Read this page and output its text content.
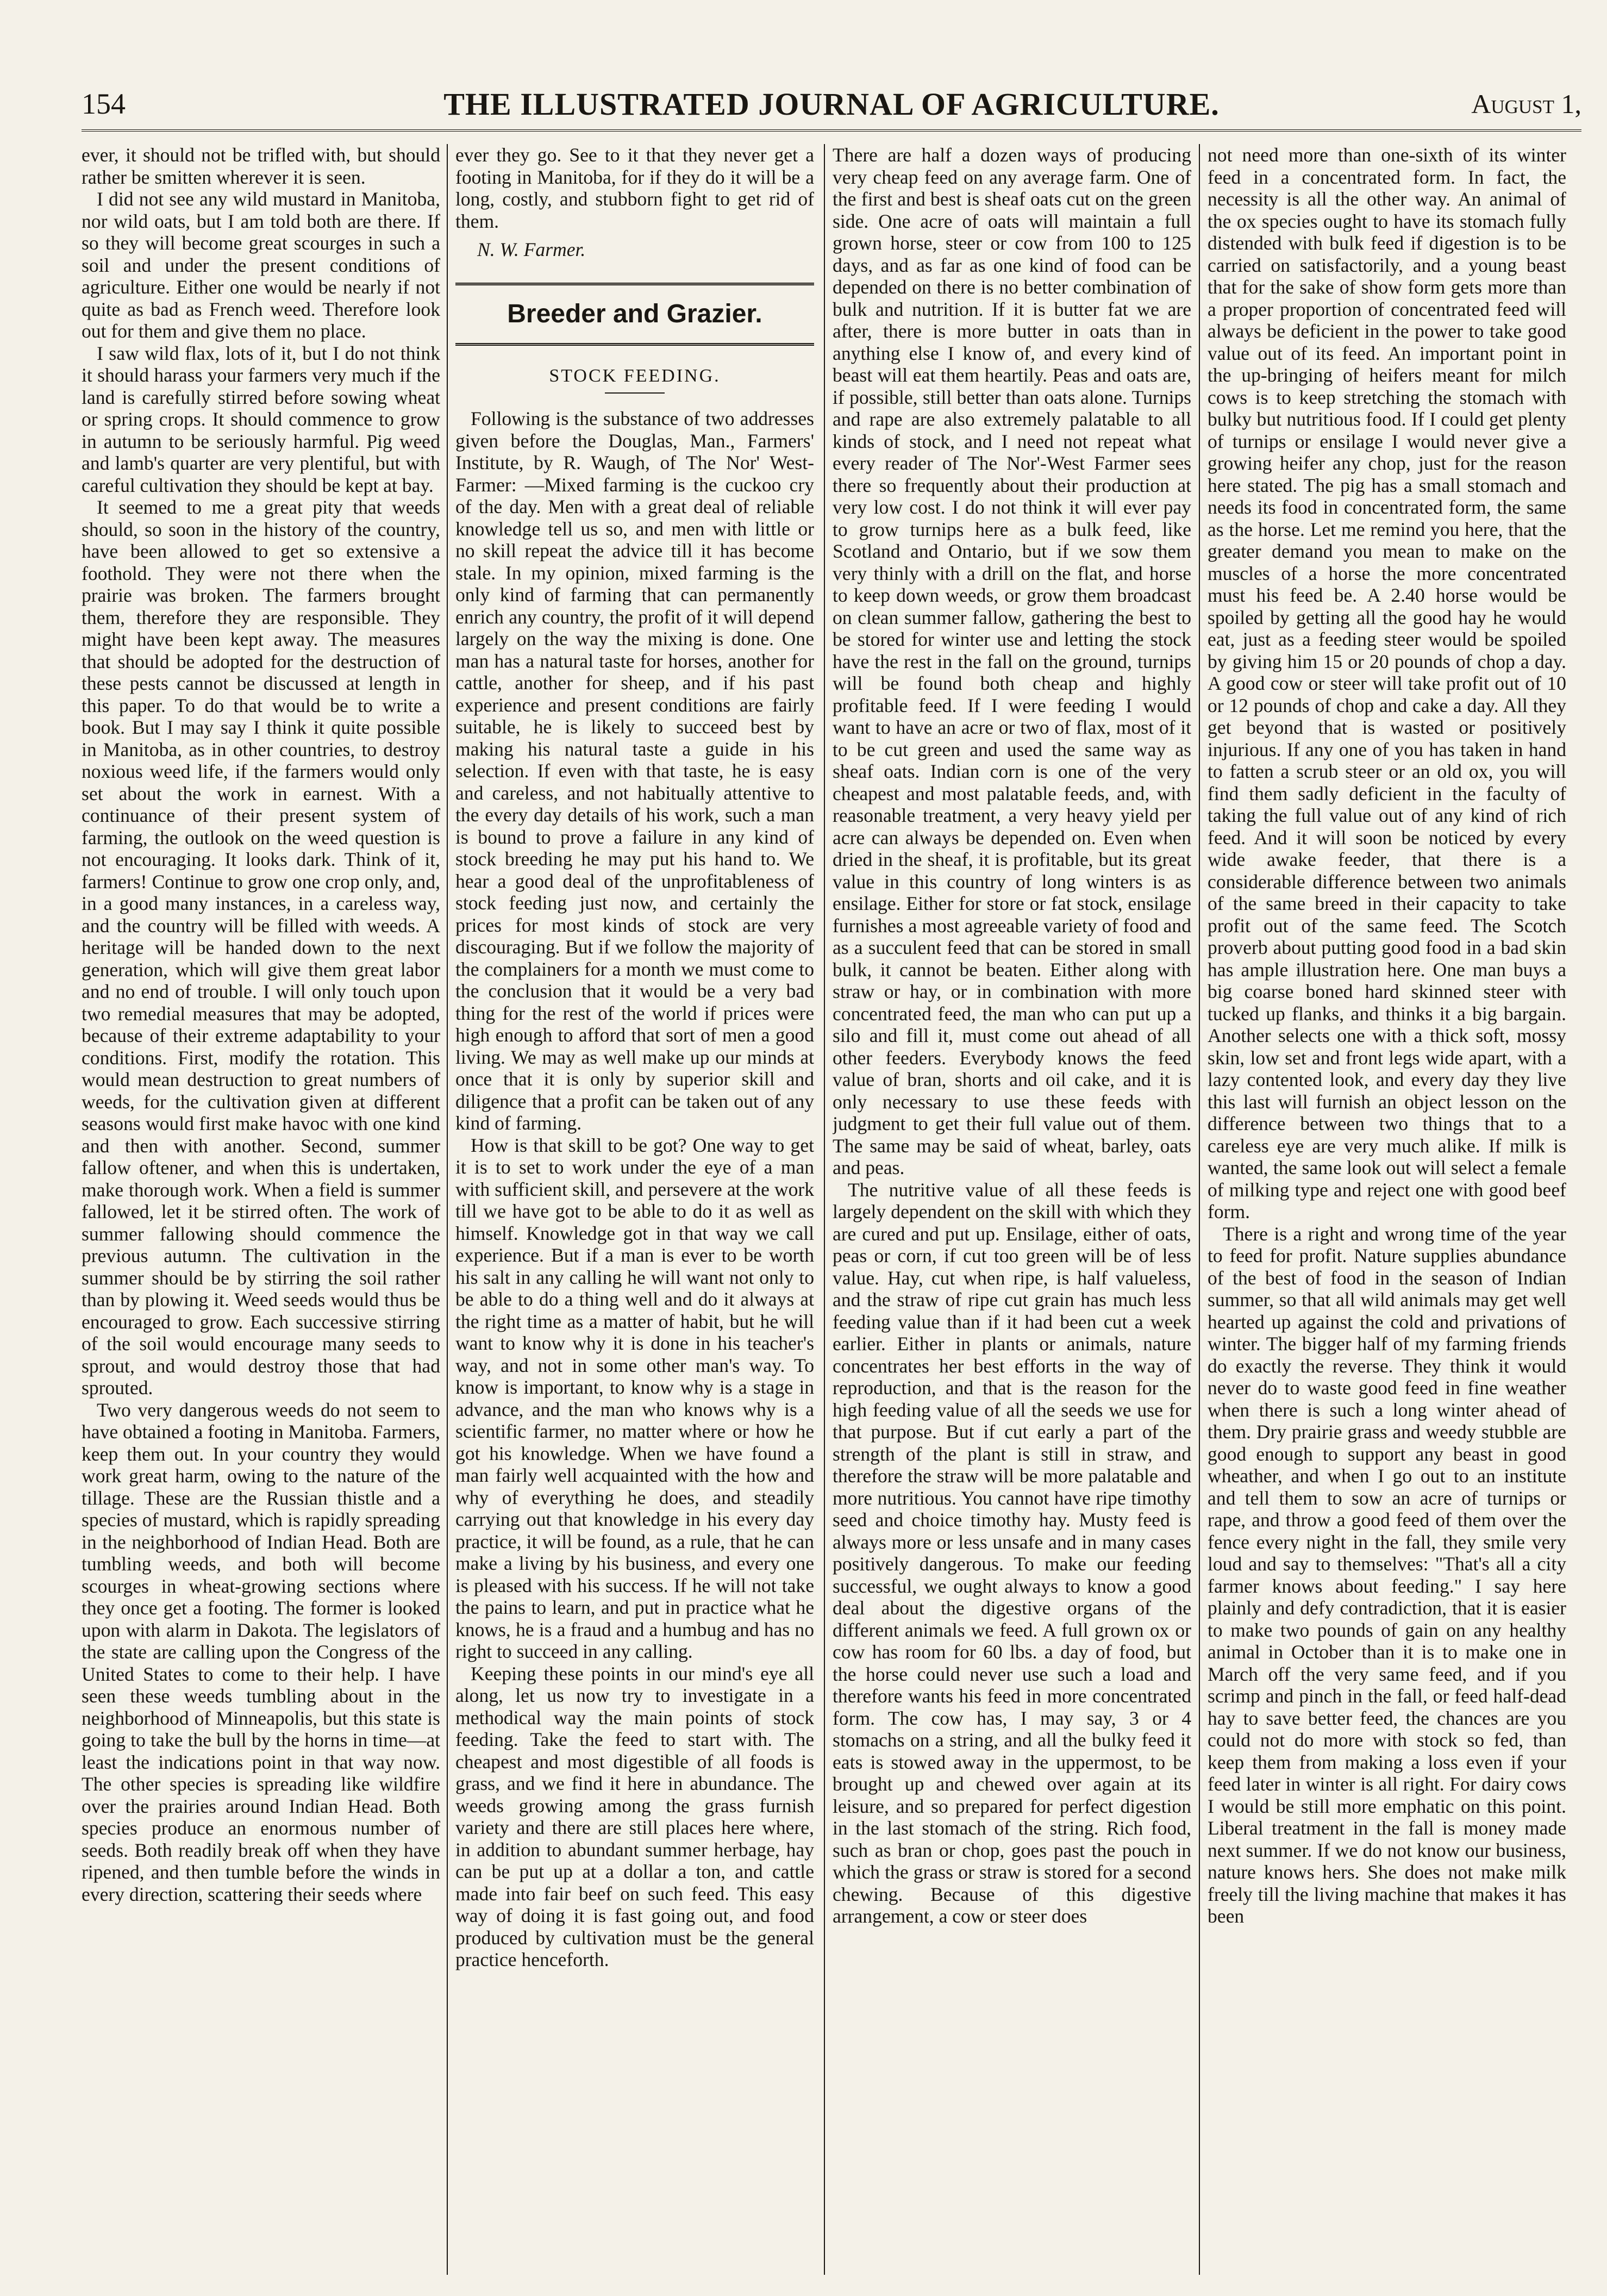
154	THE ILLUSTRATED JOURNAL OF AGRICULTURE.	August 1,

ever, it should not be trifled with, but should rather be smitten wherever it is seen.

I did not see any wild mustard in Manitoba, nor wild oats, but I am told both are there. If so they will become great scourges in such a soil and under the present conditions of agriculture. Either one would be nearly if not quite as bad as French weed. Therefore look out for them and give them no place.

I saw wild flax, lots of it, but I do not think it should harass your farmers very much if the land is carefully stirred before sowing wheat or spring crops. It should commence to grow in autumn to be seriously harmful. Pig weed and lamb's quarter are very plentiful, but with careful cultivation they should be kept at bay.

It seemed to me a great pity that weeds should, so soon in the history of the country, have been allowed to get so extensive a foothold. They were not there when the prairie was broken. The farmers brought them, therefore they are responsible. They might have been kept away. The measures that should be adopted for the destruction of these pests cannot be discussed at length in this paper. To do that would be to write a book. But I may say I think it quite possible in Manitoba, as in other countries, to destroy noxious weed life, if the farmers would only set about the work in earnest. With a continuance of their present system of farming, the outlook on the weed question is not encouraging. It looks dark. Think of it, farmers! Continue to grow one crop only, and, in a good many instances, in a careless way, and the country will be filled with weeds. A heritage will be handed down to the next generation, which will give them great labor and no end of trouble. I will only touch upon two remedial measures that may be adopted, because of their extreme adaptability to your conditions. First, modify the rotation. This would mean destruction to great numbers of weeds, for the cultivation given at different seasons would first make havoc with one kind and then with another. Second, summer fallow oftener, and when this is undertaken, make thorough work. When a field is summer fallowed, let it be stirred often. The work of summer fallowing should commence the previous autumn. The cultivation in the summer should be by stirring the soil rather than by plowing it. Weed seeds would thus be encouraged to grow. Each successive stirring of the soil would encourage many seeds to sprout, and would destroy those that had sprouted.

Two very dangerous weeds do not seem to have obtained a footing in Manitoba. Farmers, keep them out. In your country they would work great harm, owing to the nature of the tillage. These are the Russian thistle and a species of mustard, which is rapidly spreading in the neighborhood of Indian Head. Both are tumbling weeds, and both will become scourges in wheat-growing sections where they once get a footing. The former is looked upon with alarm in Dakota. The legislators of the state are calling upon the Congress of the United States to come to their help. I have seen these weeds tumbling about in the neighborhood of Minneapolis, but this state is going to take the bull by the horns in time—at least the indications point in that way now. The other species is spreading like wildfire over the prairies around Indian Head. Both species produce an enormous number of seeds. Both readily break off when they have ripened, and then tumble before the winds in every direction, scattering their seeds where

ever they go. See to it that they never get a footing in Manitoba, for if they do it will be a long, costly, and stubborn fight to get rid of them.

N. W. Farmer.

Breeder and Grazier.
STOCK FEEDING.

Following is the substance of two addresses given before the Douglas, Man., Farmers' Institute, by R. Waugh, of The Nor' West-Farmer: —Mixed farming is the cuckoo cry of the day. Men with a great deal of reliable knowledge tell us so, and men with little or no skill repeat the advice till it has become stale. In my opinion, mixed farming is the only kind of farming that can permanently enrich any country, the profit of it will depend largely on the way the mixing is done. One man has a natural taste for horses, another for cattle, another for sheep, and if his past experience and present conditions are fairly suitable, he is likely to succeed best by making his natural taste a guide in his selection. If even with that taste, he is easy and careless, and not habitually attentive to the every day details of his work, such a man is bound to prove a failure in any kind of stock breeding he may put his hand to. We hear a good deal of the unprofitableness of stock feeding just now, and certainly the prices for most kinds of stock are very discouraging. But if we follow the majority of the complainers for a month we must come to the conclusion that it would be a very bad thing for the rest of the world if prices were high enough to afford that sort of men a good living. We may as well make up our minds at once that it is only by superior skill and diligence that a profit can be taken out of any kind of farming.

How is that skill to be got? One way to get it is to set to work under the eye of a man with sufficient skill, and persevere at the work till we have got to be able to do it as well as himself. Knowledge got in that way we call experience. But if a man is ever to be worth his salt in any calling he will want not only to be able to do a thing well and do it always at the right time as a matter of habit, but he will want to know why it is done in his teacher's way, and not in some other man's way. To know is important, to know why is a stage in advance, and the man who knows why is a scientific farmer, no matter where or how he got his knowledge. When we have found a man fairly well acquainted with the how and why of everything he does, and steadily carrying out that knowledge in his every day practice, it will be found, as a rule, that he can make a living by his business, and every one is pleased with his success. If he will not take the pains to learn, and put in practice what he knows, he is a fraud and a humbug and has no right to succeed in any calling.

Keeping these points in our mind's eye all along, let us now try to investigate in a methodical way the main points of stock feeding. Take the feed to start with. The cheapest and most digestible of all foods is grass, and we find it here in abundance. The weeds growing among the grass furnish variety and there are still places here where, in addition to abundant summer herbage, hay can be put up at a dollar a ton, and cattle made into fair beef on such feed. This easy way of doing it is fast going out, and food produced by cultivation must be the general practice henceforth.

There are half a dozen ways of producing very cheap feed on any average farm. One of the first and best is sheaf oats cut on the green side. One acre of oats will maintain a full grown horse, steer or cow from 100 to 125 days, and as far as one kind of food can be depended on there is no better combination of bulk and nutrition. If it is butter fat we are after, there is more butter in oats than in anything else I know of, and every kind of beast will eat them heartily. Peas and oats are, if possible, still better than oats alone. Turnips and rape are also extremely palatable to all kinds of stock, and I need not repeat what every reader of The Nor'-West Farmer sees there so frequently about their production at very low cost. I do not think it will ever pay to grow turnips here as a bulk feed, like Scotland and Ontario, but if we sow them very thinly with a drill on the flat, and horse to keep down weeds, or grow them broadcast on clean summer fallow, gathering the best to be stored for winter use and letting the stock have the rest in the fall on the ground, turnips will be found both cheap and highly profitable feed. If I were feeding I would want to have an acre or two of flax, most of it to be cut green and used the same way as sheaf oats. Indian corn is one of the very cheapest and most palatable feeds, and, with reasonable treatment, a very heavy yield per acre can always be depended on. Even when dried in the sheaf, it is profitable, but its great value in this country of long winters is as ensilage. Either for store or fat stock, ensilage furnishes a most agreeable variety of food and as a succulent feed that can be stored in small bulk, it cannot be beaten. Either along with straw or hay, or in combination with more concentrated feed, the man who can put up a silo and fill it, must come out ahead of all other feeders. Everybody knows the feed value of bran, shorts and oil cake, and it is only necessary to use these feeds with judgment to get their full value out of them. The same may be said of wheat, barley, oats and peas.

The nutritive value of all these feeds is largely dependent on the skill with which they are cured and put up. Ensilage, either of oats, peas or corn, if cut too green will be of less value. Hay, cut when ripe, is half valueless, and the straw of ripe cut grain has much less feeding value than if it had been cut a week earlier. Either in plants or animals, nature concentrates her best efforts in the way of reproduction, and that is the reason for the high feeding value of all the seeds we use for that purpose. But if cut early a part of the strength of the plant is still in straw, and therefore the straw will be more palatable and more nutritious. You cannot have ripe timothy seed and choice timothy hay. Musty feed is always more or less unsafe and in many cases positively dangerous. To make our feeding successful, we ought always to know a good deal about the digestive organs of the different animals we feed. A full grown ox or cow has room for 60 lbs. a day of food, but the horse could never use such a load and therefore wants his feed in more concentrated form. The cow has, I may say, 3 or 4 stomachs on a string, and all the bulky feed it eats is stowed away in the uppermost, to be brought up and chewed over again at its leisure, and so prepared for perfect digestion in the last stomach of the string. Rich food, such as bran or chop, goes past the pouch in which the grass or straw is stored for a second chewing. Because of this digestive arrangement, a cow or steer does

not need more than one-sixth of its winter feed in a concentrated form. In fact, the necessity is all the other way. An animal of the ox species ought to have its stomach fully distended with bulk feed if digestion is to be carried on satisfactorily, and a young beast that for the sake of show form gets more than a proper proportion of concentrated feed will always be deficient in the power to take good value out of its feed. An important point in the up-bringing of heifers meant for milch cows is to keep stretching the stomach with bulky but nutritious food. If I could get plenty of turnips or ensilage I would never give a growing heifer any chop, just for the reason here stated. The pig has a small stomach and needs its food in concentrated form, the same as the horse. Let me remind you here, that the greater demand you mean to make on the muscles of a horse the more concentrated must his feed be. A 2.40 horse would be spoiled by getting all the good hay he would eat, just as a feeding steer would be spoiled by giving him 15 or 20 pounds of chop a day. A good cow or steer will take profit out of 10 or 12 pounds of chop and cake a day. All they get beyond that is wasted or positively injurious. If any one of you has taken in hand to fatten a scrub steer or an old ox, you will find them sadly deficient in the faculty of taking the full value out of any kind of rich feed. And it will soon be noticed by every wide awake feeder, that there is a considerable difference between two animals of the same breed in their capacity to take profit out of the same feed. The Scotch proverb about putting good food in a bad skin has ample illustration here. One man buys a big coarse boned hard skinned steer with tucked up flanks, and thinks it a big bargain. Another selects one with a thick soft, mossy skin, low set and front legs wide apart, with a lazy contented look, and every day they live this last will furnish an object lesson on the difference between two things that to a careless eye are very much alike. If milk is wanted, the same look out will select a female of milking type and reject one with good beef form.

There is a right and wrong time of the year to feed for profit. Nature supplies abundance of the best of food in the season of Indian summer, so that all wild animals may get well hearted up against the cold and privations of winter. The bigger half of my farming friends do exactly the reverse. They think it would never do to waste good feed in fine weather when there is such a long winter ahead of them. Dry prairie grass and weedy stubble are good enough to support any beast in good wheather, and when I go out to an institute and tell them to sow an acre of turnips or rape, and throw a good feed of them over the fence every night in the fall, they smile very loud and say to themselves: "That's all a city farmer knows about feeding." I say here plainly and defy contradiction, that it is easier to make two pounds of gain on any healthy animal in October than it is to make one in March off the very same feed, and if you scrimp and pinch in the fall, or feed half-dead hay to save better feed, the chances are you could not do more with stock so fed, than keep them from making a loss even if your feed later in winter is all right. For dairy cows I would be still more emphatic on this point. Liberal treatment in the fall is money made next summer. If we do not know our business, nature knows hers. She does not make milk freely till the living machine that makes it has been
